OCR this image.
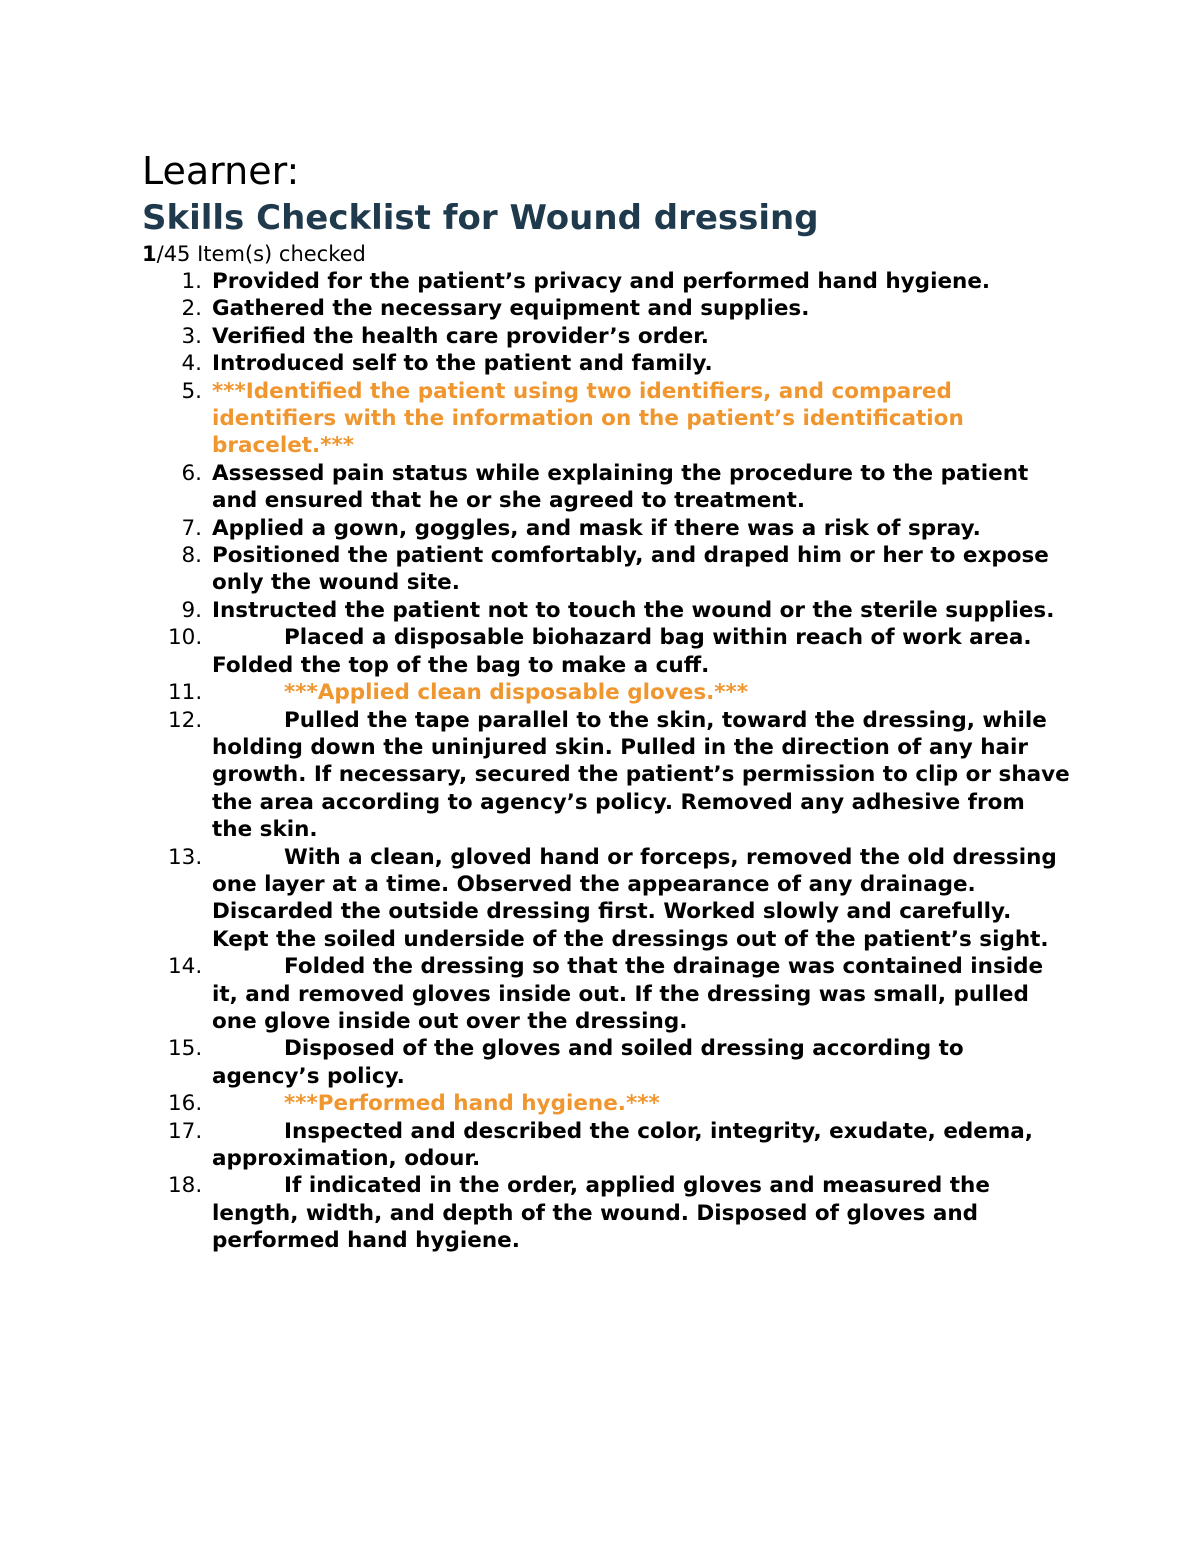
Learner:

Skills Checklist for Wound dressing

1/45 Item(s) checked

1. Provided for the patient’s privacy and performed hand hygiene.
2. Gathered the necessary equipment and supplies.
3. Verified the health care provider’s order.
4. Introduced self to the patient and family.
5. ***Identified the patient using two identifiers, and compared identifiers with the information on the patient’s identification bracelet.***
6. Assessed pain status while explaining the procedure to the patient and ensured that he or she agreed to treatment.
7. Applied a gown, goggles, and mask if there was a risk of spray.
8. Positioned the patient comfortably, and draped him or her to expose only the wound site.
9. Instructed the patient not to touch the wound or the sterile supplies.
10.	Placed a disposable biohazard bag within reach of work area. Folded the top of the bag to make a cuff.
11.	***Applied clean disposable gloves.***
12.	Pulled the tape parallel to the skin, toward the dressing, while holding down the uninjured skin. Pulled in the direction of any hair growth. If necessary, secured the patient’s permission to clip or shave the area according to agency’s policy. Removed any adhesive from the skin.
13.	With a clean, gloved hand or forceps, removed the old dressing one layer at a time. Observed the appearance of any drainage. Discarded the outside dressing first. Worked slowly and carefully. Kept the soiled underside of the dressings out of the patient’s sight.
14.	Folded the dressing so that the drainage was contained inside it, and removed gloves inside out. If the dressing was small, pulled one glove inside out over the dressing.
15.	Disposed of the gloves and soiled dressing according to agency’s policy.
16.	***Performed hand hygiene.***
17.	Inspected and described the color, integrity, exudate, edema, approximation, odour.
18.	If indicated in the order, applied gloves and measured the length, width, and depth of the wound. Disposed of gloves and performed hand hygiene.
